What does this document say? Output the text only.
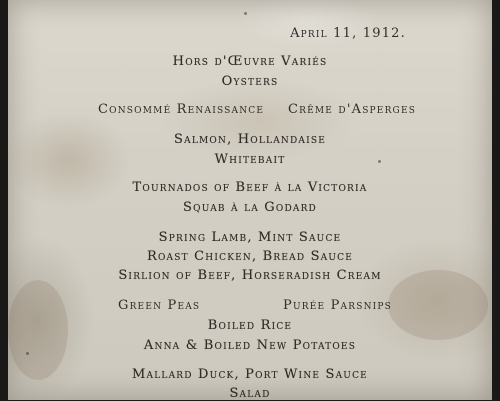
April 11, 1912.
Hors d'Œuvre Variés
Oysters
Consommé Renaissance Crême d'Asperges
Salmon, Hollandaise
Whitebait
Tournados of Beef à la Victoria
Squab à la Godard
Spring Lamb, Mint Sauce
Roast Chicken, Bread Sauce
Sirlion of Beef, Horseradish Cream
Green Peas	Purée Parsnips
Boiled Rice
Anna & Boiled New Potatoes
Mallard Duck, Port Wine Sauce
Salad
